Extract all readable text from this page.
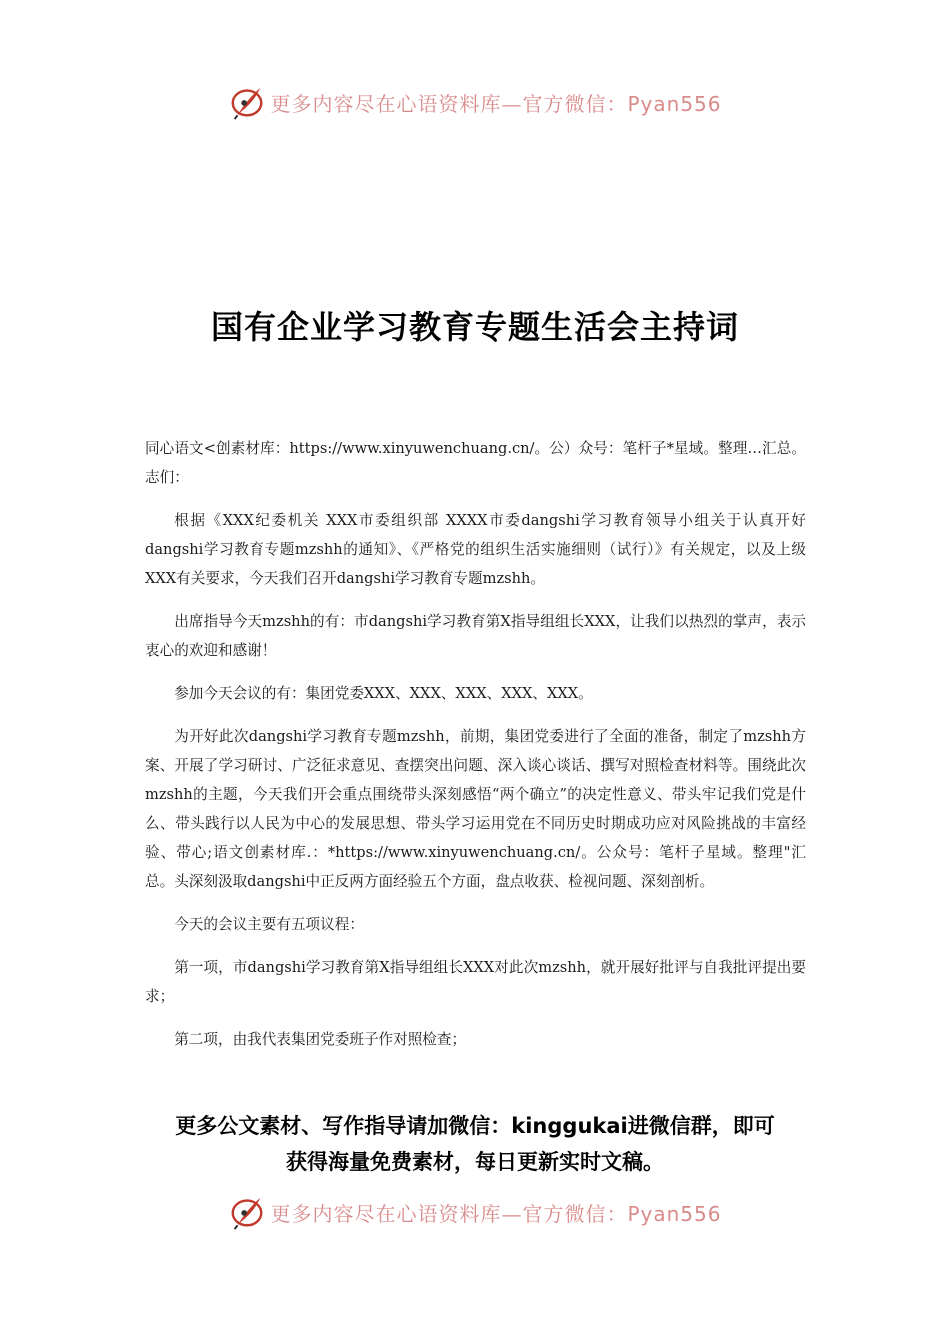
更多内容尽在心语资料库—官方微信：Pyan556
国有企业学习教育专题生活会主持词

同心语文<创素材库：https://www.xinyuwenchuang.cn/。公）众号：笔杆子*星域。整理…汇总。志们：

根据《XXX纪委机关 XXX市委组织部 XXXX市委dangshi学习教育领导小组关于认真开好dangshi学习教育专题mzshh的通知》、《严格党的组织生活实施细则（试行）》有关规定，以及上级XXX有关要求，今天我们召开dangshi学习教育专题mzshh。

出席指导今天mzshh的有：市dangshi学习教育第X指导组组长XXX，让我们以热烈的掌声，表示衷心的欢迎和感谢！

参加今天会议的有：集团党委XXX、XXX、XXX、XXX、XXX。

为开好此次dangshi学习教育专题mzshh，前期，集团党委进行了全面的准备，制定了mzshh方案、开展了学习研讨、广泛征求意见、查摆突出问题、深入谈心谈话、撰写对照检查材料等。围绕此次mzshh的主题，今天我们开会重点围绕带头深刻感悟“两个确立”的决定性意义、带头牢记我们党是什么、带头践行以人民为中心的发展思想、带头学习运用党在不同历史时期成功应对风险挑战的丰富经验、带心;语文创素材库.：*https://www.xinyuwenchuang.cn/。公众号：笔杆子星域。整理"汇总。头深刻汲取dangshi中正反两方面经验五个方面，盘点收获、检视问题、深刻剖析。

今天的会议主要有五项议程：

第一项，市dangshi学习教育第X指导组组长XXX对此次mzshh，就开展好批评与自我批评提出要求；

第二项，由我代表集团党委班子作对照检查；

更多公文素材、写作指导请加微信：kinggukai进微信群，即可
获得海量免费素材，每日更新实时文稿。
更多内容尽在心语资料库—官方微信：Pyan556
